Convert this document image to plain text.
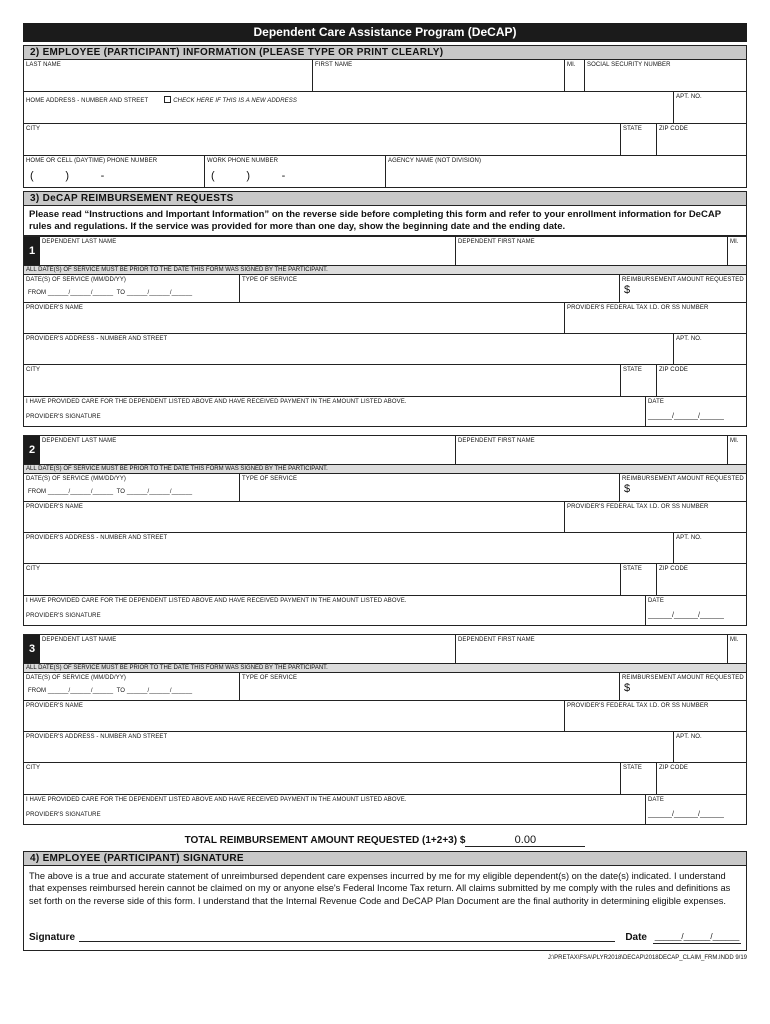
Dependent Care Assistance Program (DeCAP)
2) EMPLOYEE (PARTICIPANT) INFORMATION (PLEASE TYPE OR PRINT CLEARLY)
LAST NAME	FIRST NAME	MI.	SOCIAL SECURITY NUMBER
HOME ADDRESS - NUMBER AND STREET	CHECK HERE IF THIS IS A NEW ADDRESS
APT. NO.
CITY	STATE	ZIP CODE
HOME OR CELL (DAYTIME) PHONE NUMBER
(          )          -
WORK PHONE NUMBER
(          )          -
AGENCY NAME (NOT DIVISION)
3) DeCAP REIMBURSEMENT REQUESTS
Please read “Instructions and Important Information” on the reverse side before completing this form and refer to your enrollment information for DeCAP rules and regulations. If the service was provided for more than one day, show the beginning date and the ending date.
1
DEPENDENT LAST NAME	DEPENDENT FIRST NAME	MI.
ALL DATE(S) OF SERVICE MUST BE PRIOR TO THE DATE THIS FORM WAS SIGNED BY THE PARTICIPANT.
DATE(S) OF SERVICE (MM/DD/YY)
FROM ______/______/______  TO ______/______/______
TYPE OF SERVICE	REIMBURSEMENT AMOUNT REQUESTED
$
PROVIDER'S NAME	PROVIDER'S FEDERAL TAX I.D. OR SS NUMBER
PROVIDER'S ADDRESS - NUMBER AND STREET	APT. NO.
CITY	STATE	ZIP CODE
I HAVE PROVIDED CARE FOR THE DEPENDENT LISTED ABOVE AND HAVE RECEIVED PAYMENT IN THE AMOUNT LISTED ABOVE.
PROVIDER'S SIGNATURE
DATE
______/______/______
2
DEPENDENT LAST NAME	DEPENDENT FIRST NAME	MI.
ALL DATE(S) OF SERVICE MUST BE PRIOR TO THE DATE THIS FORM WAS SIGNED BY THE PARTICIPANT.
DATE(S) OF SERVICE (MM/DD/YY)
FROM ______/______/______  TO ______/______/______
TYPE OF SERVICE	REIMBURSEMENT AMOUNT REQUESTED
$
PROVIDER'S NAME	PROVIDER'S FEDERAL TAX I.D. OR SS NUMBER
PROVIDER'S ADDRESS - NUMBER AND STREET	APT. NO.
CITY	STATE	ZIP CODE
I HAVE PROVIDED CARE FOR THE DEPENDENT LISTED ABOVE AND HAVE RECEIVED PAYMENT IN THE AMOUNT LISTED ABOVE.
PROVIDER'S SIGNATURE
DATE
______/______/______
3
DEPENDENT LAST NAME	DEPENDENT FIRST NAME	MI.
ALL DATE(S) OF SERVICE MUST BE PRIOR TO THE DATE THIS FORM WAS SIGNED BY THE PARTICIPANT.
DATE(S) OF SERVICE (MM/DD/YY)
FROM ______/______/______  TO ______/______/______
TYPE OF SERVICE	REIMBURSEMENT AMOUNT REQUESTED
$
PROVIDER'S NAME	PROVIDER'S FEDERAL TAX I.D. OR SS NUMBER
PROVIDER'S ADDRESS - NUMBER AND STREET	APT. NO.
CITY	STATE	ZIP CODE
I HAVE PROVIDED CARE FOR THE DEPENDENT LISTED ABOVE AND HAVE RECEIVED PAYMENT IN THE AMOUNT LISTED ABOVE.
PROVIDER'S SIGNATURE
DATE
______/______/______
TOTAL REIMBURSEMENT AMOUNT REQUESTED (1+2+3) $	0.00
4) EMPLOYEE (PARTICIPANT) SIGNATURE
The above is a true and accurate statement of unreimbursed dependent care expenses incurred by me for my eligible dependent(s) on the date(s) indicated. I understand that expenses reimbursed herein cannot be claimed on my or anyone else's Federal Income Tax return. All claims submitted by me comply with the rules and definitions as set forth on the reverse side of this form. I understand that the Internal Revenue Code and DeCAP Plan Document are the final authority in determining eligible expenses.
Signature	Date ______/______/______
J:\PRETAX\FSA\PLYR2018\DECAP\2018DECAP_CLAIM_FRM.INDD 9/19
